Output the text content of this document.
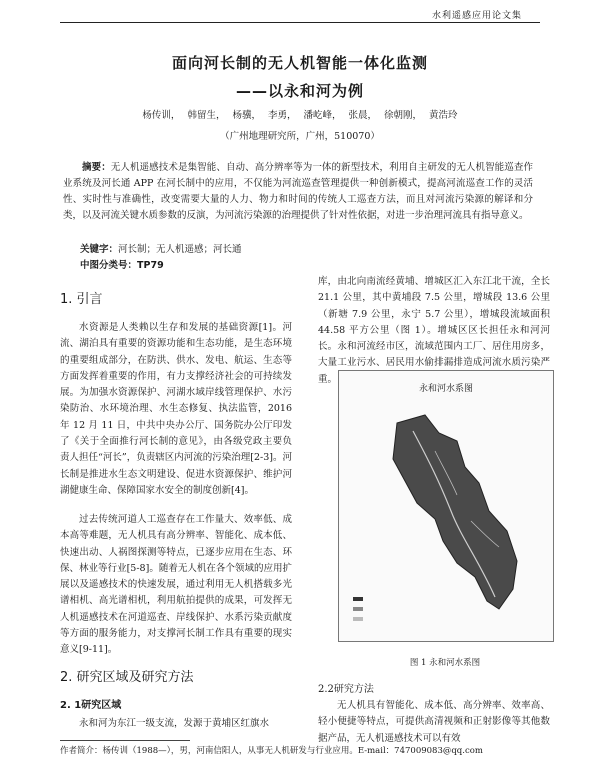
水利遥感应用论文集
面向河长制的无人机智能一体化监测
——以永和河为例
杨传训， 韩留生， 杨骥， 李勇， 潘屹峰， 张晨， 徐朝刚， 黄浩玲
（广州地理研究所，广州，510070）
摘要：无人机遥感技术是集智能、自动、高分辨率等为一体的新型技术，利用自主研发的无人机智能巡查作业系统及河长通 APP 在河长制中的应用，不仅能为河流巡查管理提供一种创新模式，提高河流巡查工作的灵活性、实时性与准确性，改变需要大量的人力、物力和时间的传统人工巡查方法，而且对河流污染源的解译和分类，以及河流关键水质参数的反演，为河流污染源的治理提供了针对性依据，对进一步治理河流具有指导意义。
关键字：河长制；无人机遥感；河长通
中图分类号：TP79
1. 引言

水资源是人类赖以生存和发展的基础资源[1]。河流、湖泊具有重要的资源功能和生态功能，是生态环境的重要组成部分，在防洪、供水、发电、航运、生态等方面发挥着重要的作用，有力支撑经济社会的可持续发展。为加强水资源保护、河湖水域岸线管理保护、水污染防治、水环境治理、水生态修复、执法监管，2016 年 12 月 11 日，中共中央办公厅、国务院办公厅印发了《关于全面推行河长制的意见》，由各级党政主要负责人担任“河长”，负责辖区内河流的污染治理[2-3]。河长制是推进水生态文明建设、促进水资源保护、维护河湖健康生命、保障国家水安全的制度创新[4]。

过去传统河道人工巡查存在工作量大、效率低、成本高等难题，无人机具有高分辨率、智能化、成本低、快速出动、人祸图探测等特点，已逐步应用在生态、环保、林业等行业[5-8]。随着无人机在各个领域的应用扩展以及遥感技术的快速发展，通过利用无人机搭载多光谱相机、高光谱相机，利用航拍提供的成果，可发挥无人机遥感技术在河道巡查、岸线保护、水系污染贡献度等方面的服务能力，对支撑河长制工作具有重要的现实意义[9-11]。

2. 研究区域及研究方法
2. 1研究区域

永和河为东江一级支流，发源于黄埔区红旗水

库，由北向南流经黄埔、增城区汇入东江北干流，全长 21.1 公里，其中黄埔段 7.5 公里，增城段 13.6 公里（新塘 7.9 公里，永宁 5.7 公里），增城段流域面积 44.58 平方公里（图 1）。增城区区长担任永和河河长。永和河流经市区，流域范围内工厂、居住用房多，大量工业污水、居民用水偷排漏排造成河流水质污染严重。

永和河水系图
图 1 永和河水系图
2.2研究方法

无人机具有智能化、成本低、高分辨率、效率高、轻小便捷等特点，可提供高清视频和正射影像等其他数据产品，无人机遥感技术可以有效

作者简介：杨传训（1988—），男，河南信阳人，从事无人机研发与行业应用。E-mail：747009083@qq.com
